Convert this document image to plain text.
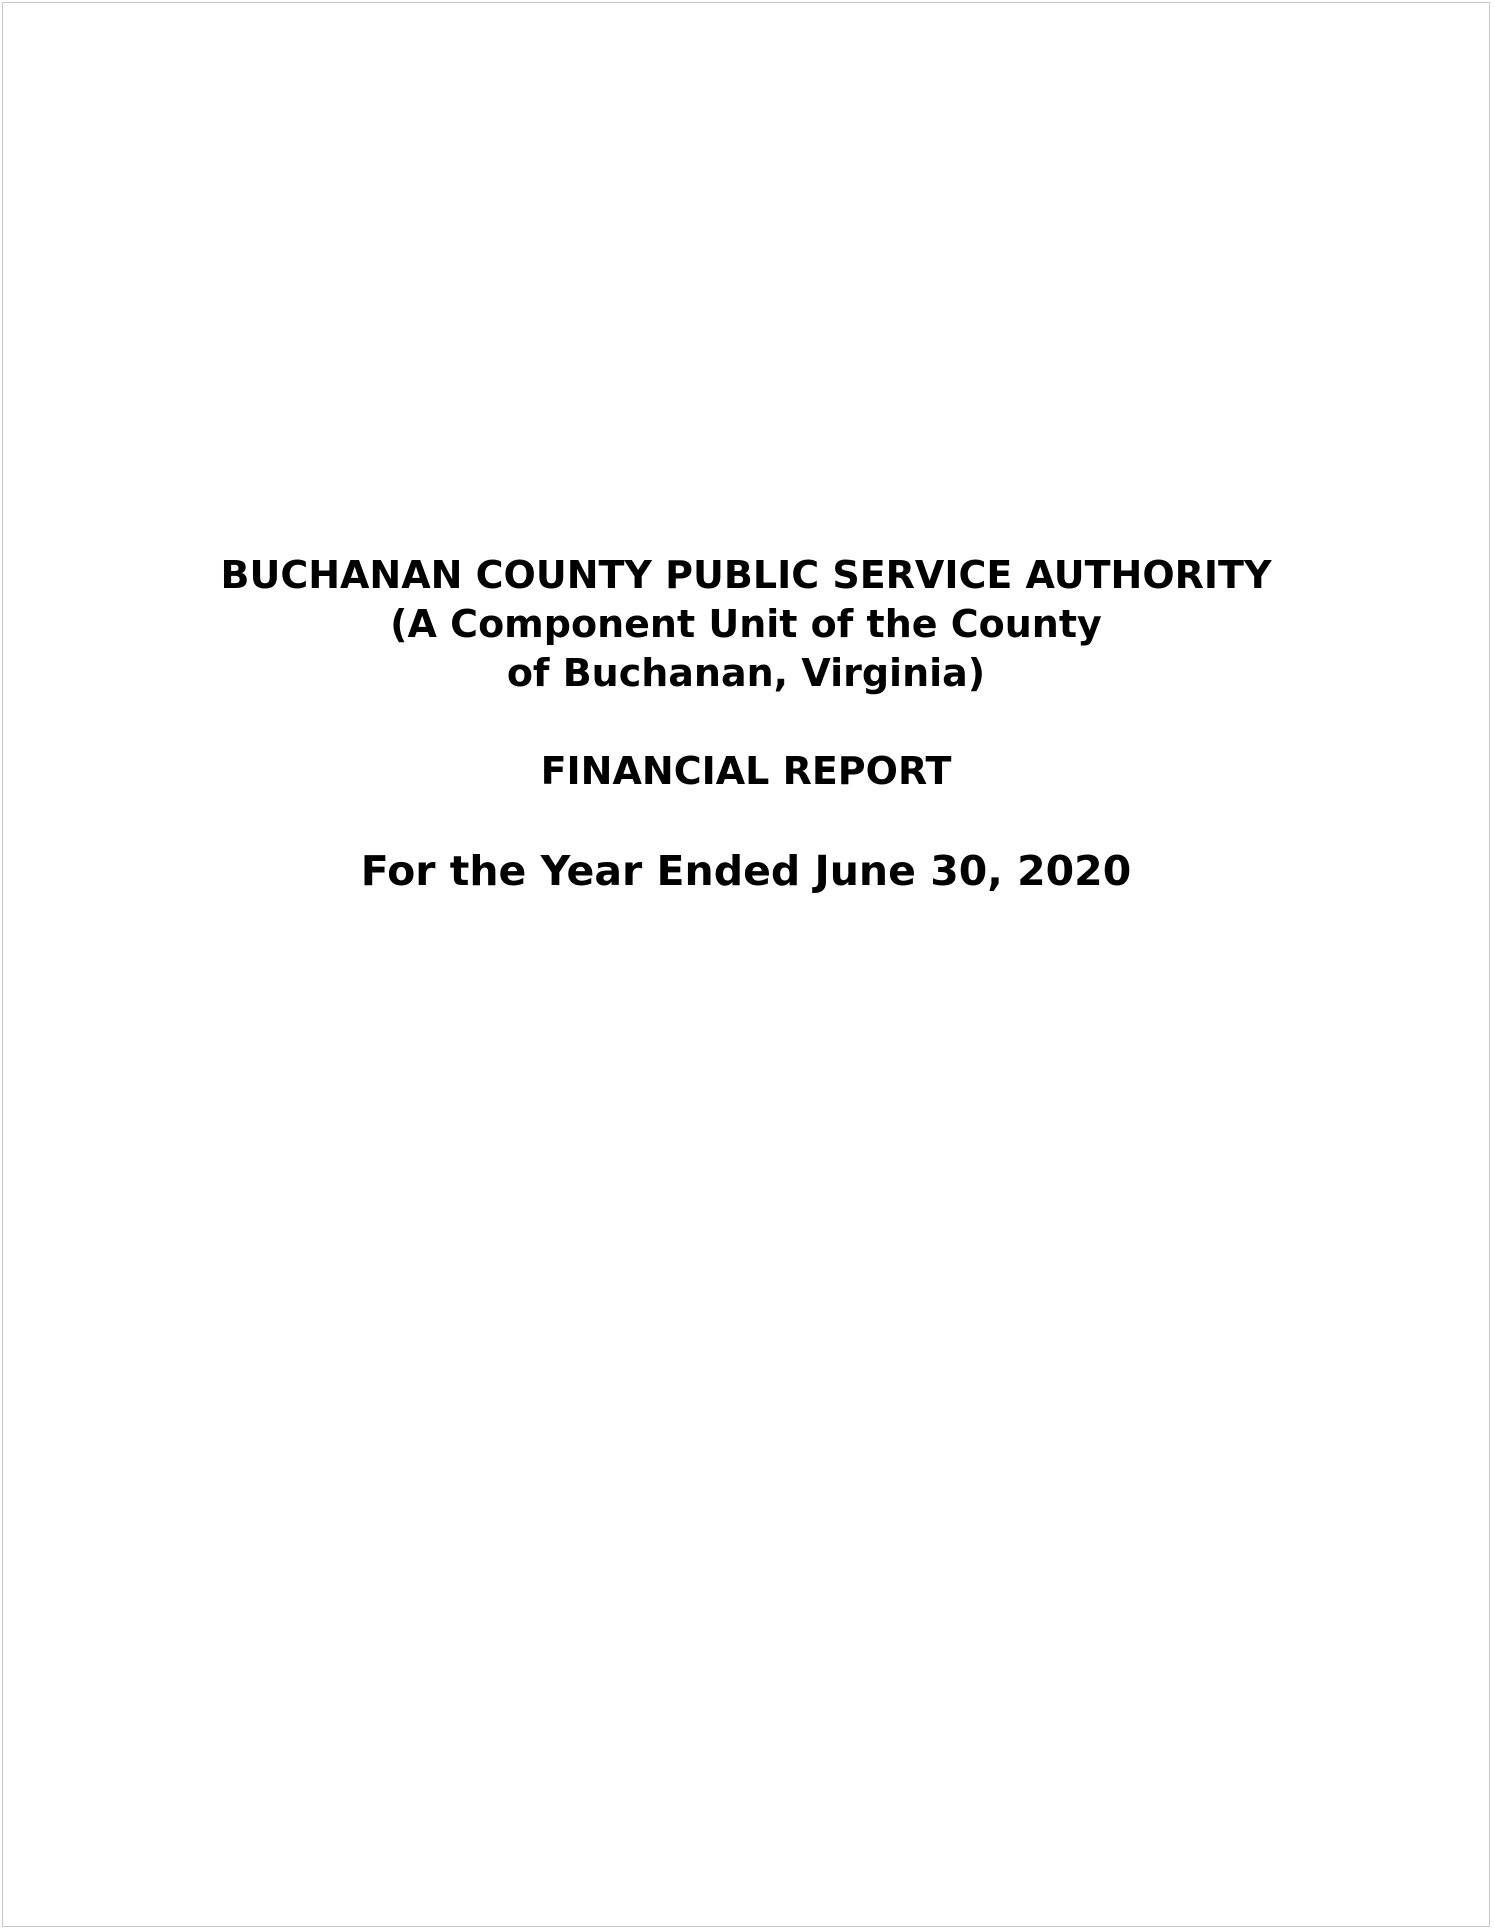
BUCHANAN COUNTY PUBLIC SERVICE AUTHORITY
(A Component Unit of the County
of Buchanan, Virginia)
FINANCIAL REPORT
For the Year Ended June 30, 2020
